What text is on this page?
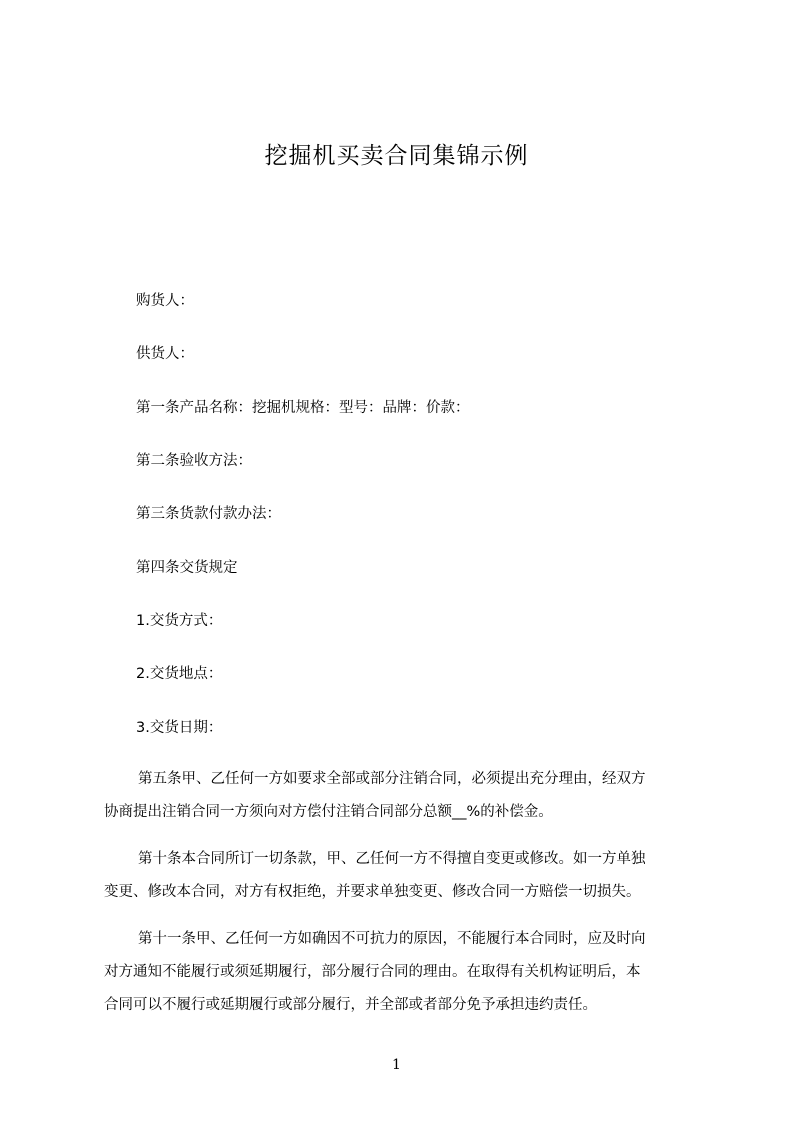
挖掘机买卖合同集锦示例
购货人：
供货人：
第一条产品名称：挖掘机规格：型号：品牌：价款：
第二条验收方法：
第三条货款付款办法：
第四条交货规定
1.交货方式：
2.交货地点：
3.交货日期：
第五条甲、乙任何一方如要求全部或部分注销合同，必须提出充分理由，经双方
协商提出注销合同一方须向对方偿付注销合同部分总额__%的补偿金。
第十条本合同所订一切条款，甲、乙任何一方不得擅自变更或修改。如一方单独
变更、修改本合同，对方有权拒绝，并要求单独变更、修改合同一方赔偿一切损失。
第十一条甲、乙任何一方如确因不可抗力的原因，不能履行本合同时，应及时向
对方通知不能履行或须延期履行，部分履行合同的理由。在取得有关机构证明后，本
合同可以不履行或延期履行或部分履行，并全部或者部分免予承担违约责任。
1
